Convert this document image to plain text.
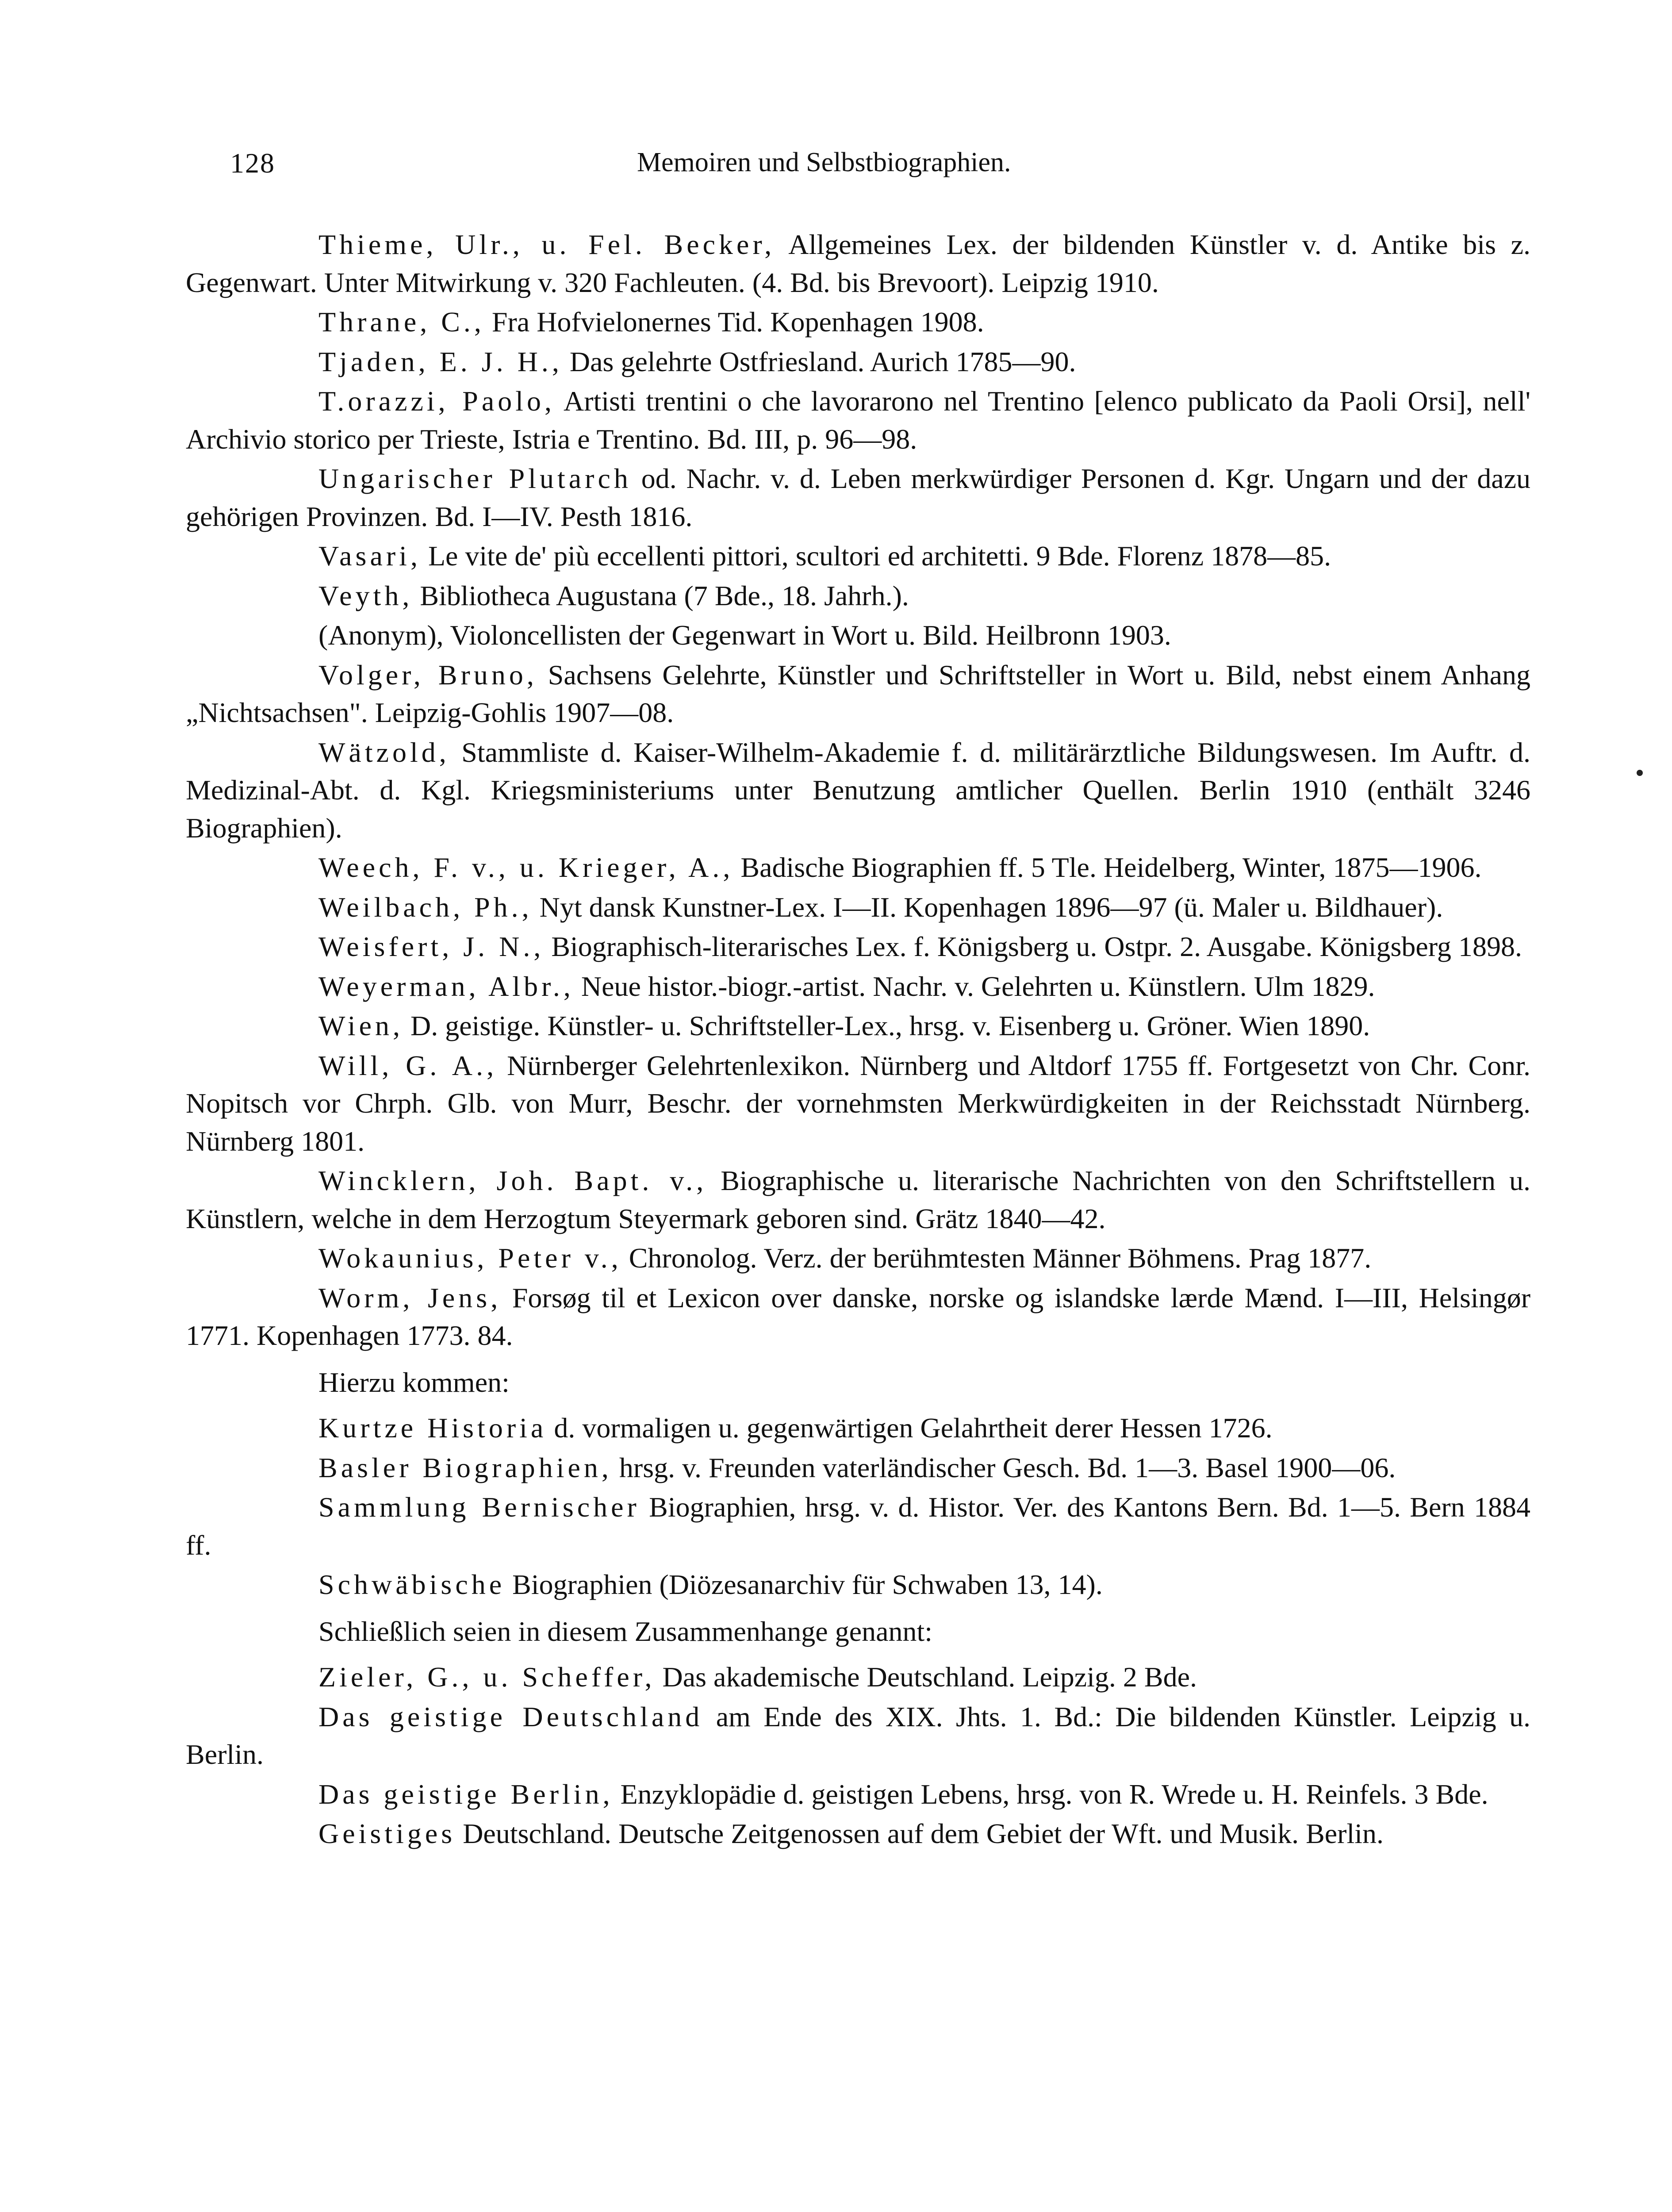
128	Memoiren und Selbstbiographien.

Thieme, Ulr., u. Fel. Becker, Allgemeines Lex. der bildenden Künstler v. d. Antike bis z. Gegenwart. Unter Mitwirkung v. 320 Fachleuten. (4. Bd. bis Brevoort). Leipzig 1910.

Thrane, C., Fra Hofvielonernes Tid. Kopenhagen 1908.

Tjaden, E. J. H., Das gelehrte Ostfriesland. Aurich 1785—90.

T.orazzi, Paolo, Artisti trentini o che lavorarono nel Trentino [elenco publicato da Paoli Orsi], nell' Archivio storico per Trieste, Istria e Trentino. Bd. III, p. 96—98.

Ungarischer Plutarch od. Nachr. v. d. Leben merkwürdiger Personen d. Kgr. Ungarn und der dazu gehörigen Provinzen. Bd. I—IV. Pesth 1816.

Vasari, Le vite de' più eccellenti pittori, scultori ed architetti. 9 Bde. Florenz 1878—85.

Veyth, Bibliotheca Augustana (7 Bde., 18. Jahrh.).

(Anonym), Violoncellisten der Gegenwart in Wort u. Bild. Heilbronn 1903.

Volger, Bruno, Sachsens Gelehrte, Künstler und Schriftsteller in Wort u. Bild, nebst einem Anhang „Nichtsachsen". Leipzig-Gohlis 1907—08.

Wätzold, Stammliste d. Kaiser-Wilhelm-Akademie f. d. militärärztliche Bildungswesen. Im Auftr. d. Medizinal-Abt. d. Kgl. Kriegsministeriums unter Benutzung amtlicher Quellen. Berlin 1910 (enthält 3246 Biographien).

Weech, F. v., u. Krieger, A., Badische Biographien ff. 5 Tle. Heidelberg, Winter, 1875—1906.

Weilbach, Ph., Nyt dansk Kunstner-Lex. I—II. Kopenhagen 1896—97 (ü. Maler u. Bildhauer).

Weisfert, J. N., Biographisch-literarisches Lex. f. Königsberg u. Ostpr. 2. Ausgabe. Königsberg 1898.

Weyerman, Albr., Neue histor.-biogr.-artist. Nachr. v. Gelehrten u. Künstlern. Ulm 1829.

Wien, D. geistige. Künstler- u. Schriftsteller-Lex., hrsg. v. Eisenberg u. Gröner. Wien 1890.

Will, G. A., Nürnberger Gelehrtenlexikon. Nürnberg und Altdorf 1755 ff. Fortgesetzt von Chr. Conr. Nopitsch vor Chrph. Glb. von Murr, Beschr. der vornehmsten Merkwürdigkeiten in der Reichsstadt Nürnberg. Nürnberg 1801.

Wincklern, Joh. Bapt. v., Biographische u. literarische Nachrichten von den Schriftstellern u. Künstlern, welche in dem Herzogtum Steyermark geboren sind. Grätz 1840—42.

Wokaunius, Peter v., Chronolog. Verz. der berühmtesten Männer Böhmens. Prag 1877.

Worm, Jens, Forsøg til et Lexicon over danske, norske og islandske lærde Mænd. I—III, Helsingør 1771. Kopenhagen 1773. 84.

Hierzu kommen:

Kurtze Historia d. vormaligen u. gegenwärtigen Gelahrtheit derer Hessen 1726.

Basler Biographien, hrsg. v. Freunden vaterländischer Gesch. Bd. 1—3. Basel 1900—06.

Sammlung Bernischer Biographien, hrsg. v. d. Histor. Ver. des Kantons Bern. Bd. 1—5. Bern 1884 ff.

Schwäbische Biographien (Diözesanarchiv für Schwaben 13, 14).

Schließlich seien in diesem Zusammenhange genannt:

Zieler, G., u. Scheffer, Das akademische Deutschland. Leipzig. 2 Bde.

Das geistige Deutschland am Ende des XIX. Jhts. 1. Bd.: Die bildenden Künstler. Leipzig u. Berlin.

Das geistige Berlin, Enzyklopädie d. geistigen Lebens, hrsg. von R. Wrede u. H. Reinfels. 3 Bde.

Geistiges Deutschland. Deutsche Zeitgenossen auf dem Gebiet der Wft. und Musik. Berlin.
